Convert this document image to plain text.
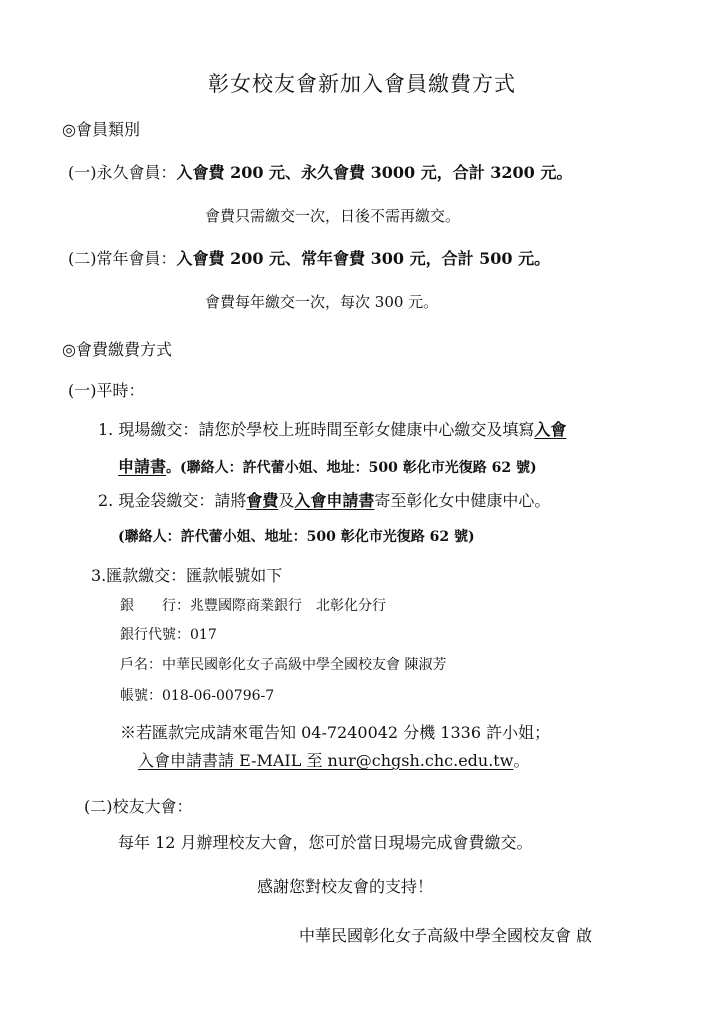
彰女校友會新加入會員繳費方式
◎會員類別
(一)永久會員：入會費 200 元、永久會費 3000 元，合計 3200 元。
會費只需繳交一次，日後不需再繳交。
(二)常年會員：入會費 200 元、常年會費 300 元，合計 500 元。
會費每年繳交一次，每次 300 元。
◎會費繳費方式
(一)平時：
1. 現場繳交：請您於學校上班時間至彰女健康中心繳交及填寫入會
申請書。(聯絡人：許代蕾小姐、地址：500 彰化市光復路 62 號)
2. 現金袋繳交：請將會費及入會申請書寄至彰化女中健康中心。
(聯絡人：許代蕾小姐、地址：500 彰化市光復路 62 號)
3.匯款繳交：匯款帳號如下
銀　　行：兆豐國際商業銀行　北彰化分行
銀行代號：017
戶名：中華民國彰化女子高級中學全國校友會 陳淑芳
帳號：018-06-00796-7
※若匯款完成請來電告知 04-7240042 分機 1336 許小姐；
入會申請書請 E-MAIL 至 nur@chgsh.chc.edu.tw。
(二)校友大會：
每年 12 月辦理校友大會，您可於當日現場完成會費繳交。
感謝您對校友會的支持！
中華民國彰化女子高級中學全國校友會 啟
